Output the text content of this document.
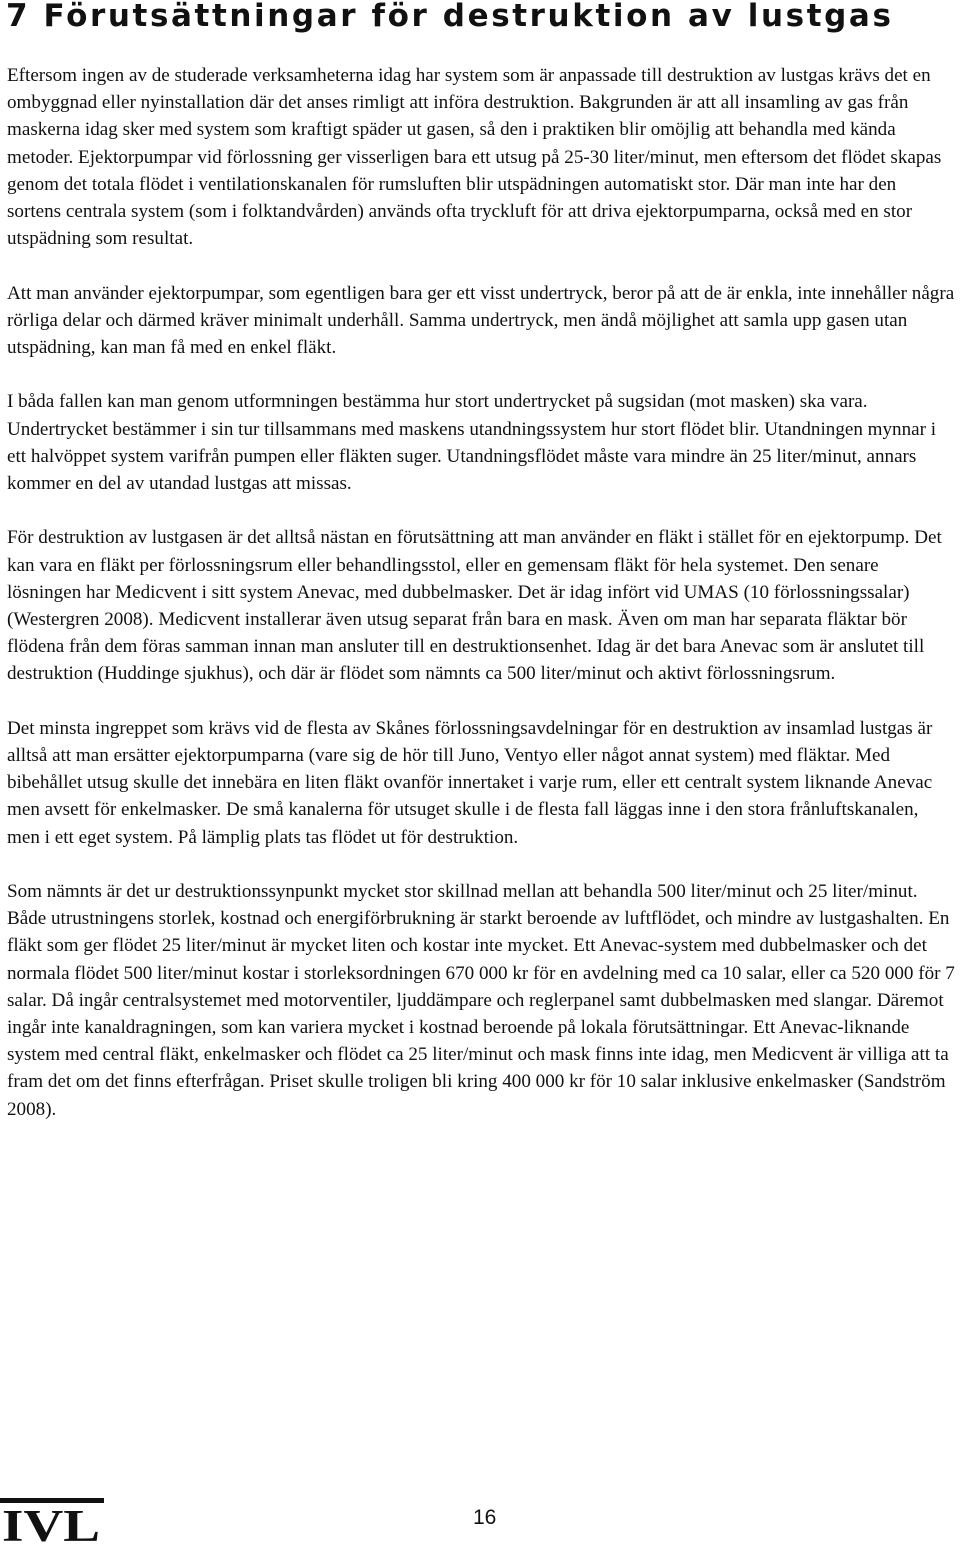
7 Förutsättningar för destruktion av lustgas

Eftersom ingen av de studerade verksamheterna idag har system som är anpassade till destruktion av lustgas krävs det en ombyggnad eller nyinstallation där det anses rimligt att införa destruktion. Bakgrunden är att all insamling av gas från maskerna idag sker med system som kraftigt späder ut gasen, så den i praktiken blir omöjlig att behandla med kända metoder. Ejektorpumpar vid förlossning ger visserligen bara ett utsug på 25-30 liter/minut, men eftersom det flödet skapas genom det totala flödet i ventilationskanalen för rumsluften blir utspädningen automatiskt stor. Där man inte har den sortens centrala system (som i folktandvården) används ofta tryckluft för att driva ejektorpumparna, också med en stor utspädning som resultat.

Att man använder ejektorpumpar, som egentligen bara ger ett visst undertryck, beror på att de är enkla, inte innehåller några rörliga delar och därmed kräver minimalt underhåll. Samma undertryck, men ändå möjlighet att samla upp gasen utan utspädning, kan man få med en enkel fläkt.

I båda fallen kan man genom utformningen bestämma hur stort undertrycket på sugsidan (mot masken) ska vara. Undertrycket bestämmer i sin tur tillsammans med maskens utandningssystem hur stort flödet blir. Utandningen mynnar i ett halvöppet system varifrån pumpen eller fläkten suger. Utandningsflödet måste vara mindre än 25 liter/minut, annars kommer en del av utandad lustgas att missas.

För destruktion av lustgasen är det alltså nästan en förutsättning att man använder en fläkt i stället för en ejektorpump. Det kan vara en fläkt per förlossningsrum eller behandlingsstol, eller en gemensam fläkt för hela systemet. Den senare lösningen har Medicvent i sitt system Anevac, med dubbelmasker. Det är idag infört vid UMAS (10 förlossningssalar) (Westergren 2008). Medicvent installerar även utsug separat från bara en mask. Även om man har separata fläktar bör flödena från dem föras samman innan man ansluter till en destruktionsenhet. Idag är det bara Anevac som är anslutet till destruktion (Huddinge sjukhus), och där är flödet som nämnts ca 500 liter/minut och aktivt förlossningsrum.

Det minsta ingreppet som krävs vid de flesta av Skånes förlossningsavdelningar för en destruktion av insamlad lustgas är alltså att man ersätter ejektorpumparna (vare sig de hör till Juno, Ventyo eller något annat system) med fläktar. Med bibehållet utsug skulle det innebära en liten fläkt ovanför innertaket i varje rum, eller ett centralt system liknande Anevac men avsett för enkelmasker. De små kanalerna för utsuget skulle i de flesta fall läggas inne i den stora frånluftskanalen, men i ett eget system. På lämplig plats tas flödet ut för destruktion.

Som nämnts är det ur destruktionssynpunkt mycket stor skillnad mellan att behandla 500 liter/minut och 25 liter/minut. Både utrustningens storlek, kostnad och energiförbrukning är starkt beroende av luftflödet, och mindre av lustgashalten. En fläkt som ger flödet 25 liter/minut är mycket liten och kostar inte mycket. Ett Anevac-system med dubbelmasker och det normala flödet 500 liter/minut kostar i storleksordningen 670 000 kr för en avdelning med ca 10 salar, eller ca 520 000 för 7 salar. Då ingår centralsystemet med motorventiler, ljuddämpare och reglerpanel samt dubbelmasken med slangar. Däremot ingår inte kanaldragningen, som kan variera mycket i kostnad beroende på lokala förutsättningar. Ett Anevac-liknande system med central fläkt, enkelmasker och flödet ca 25 liter/minut och mask finns inte idag, men Medicvent är villiga att ta fram det om det finns efterfrågan. Priset skulle troligen bli kring 400 000 kr för 10 salar inklusive enkelmasker (Sandström 2008).

IVL	16
